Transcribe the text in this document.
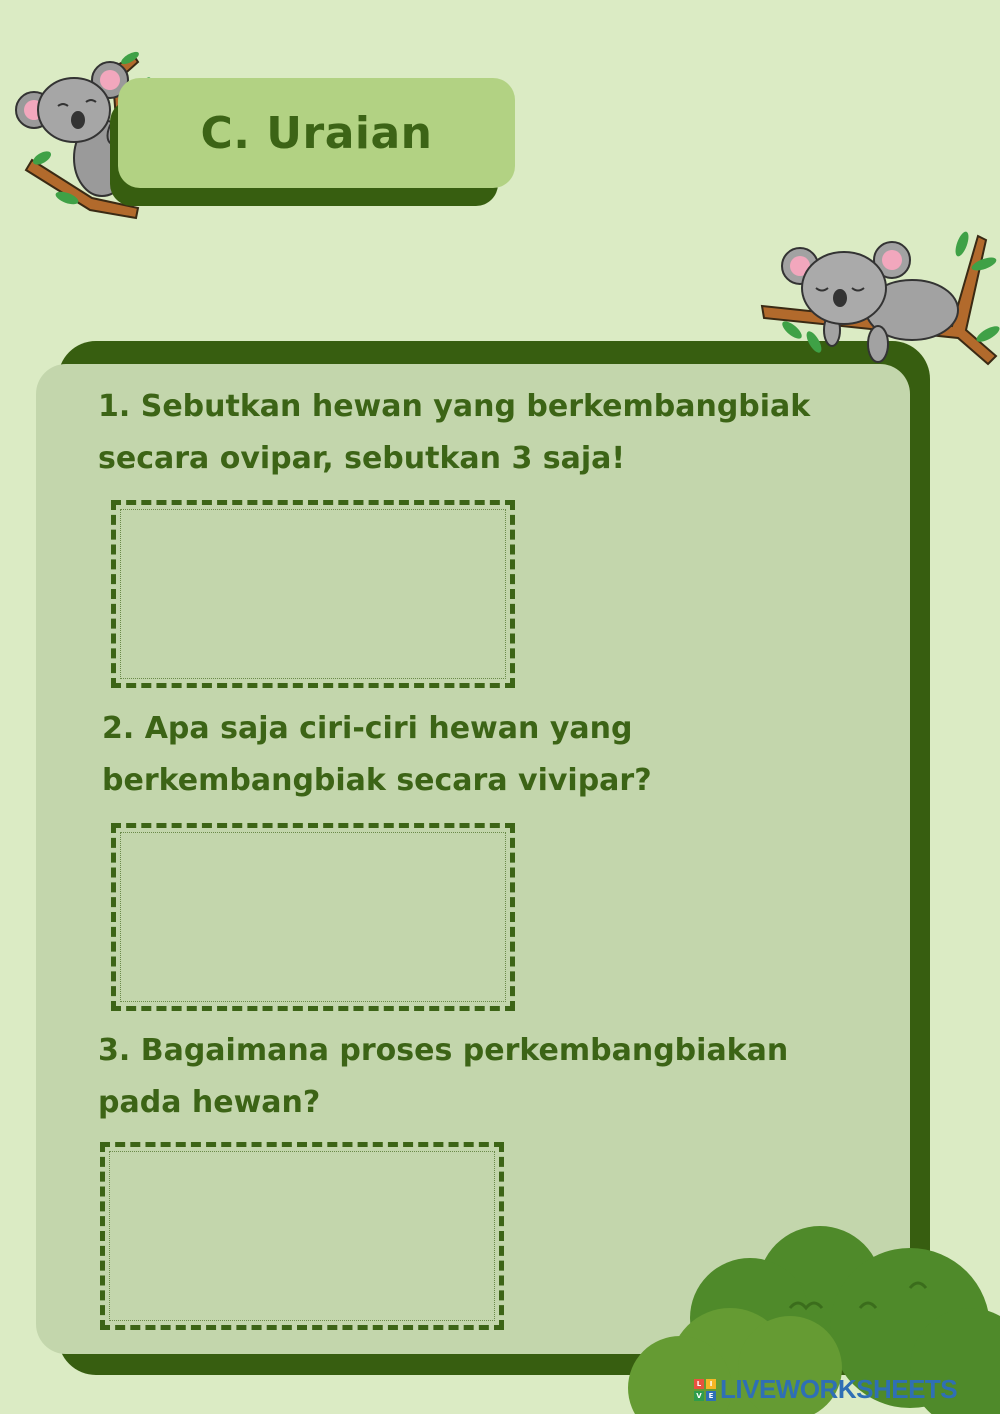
C. Uraian

1. Sebutkan hewan yang berkembangbiak
secara ovipar, sebutkan 3 saja!

2. Apa saja ciri-ciri hewan yang
berkembangbiak secara vivipar?

3. Bagaimana proses perkembangbiakan
pada hewan?

L	I
V E LIVEWORKSHEETS
